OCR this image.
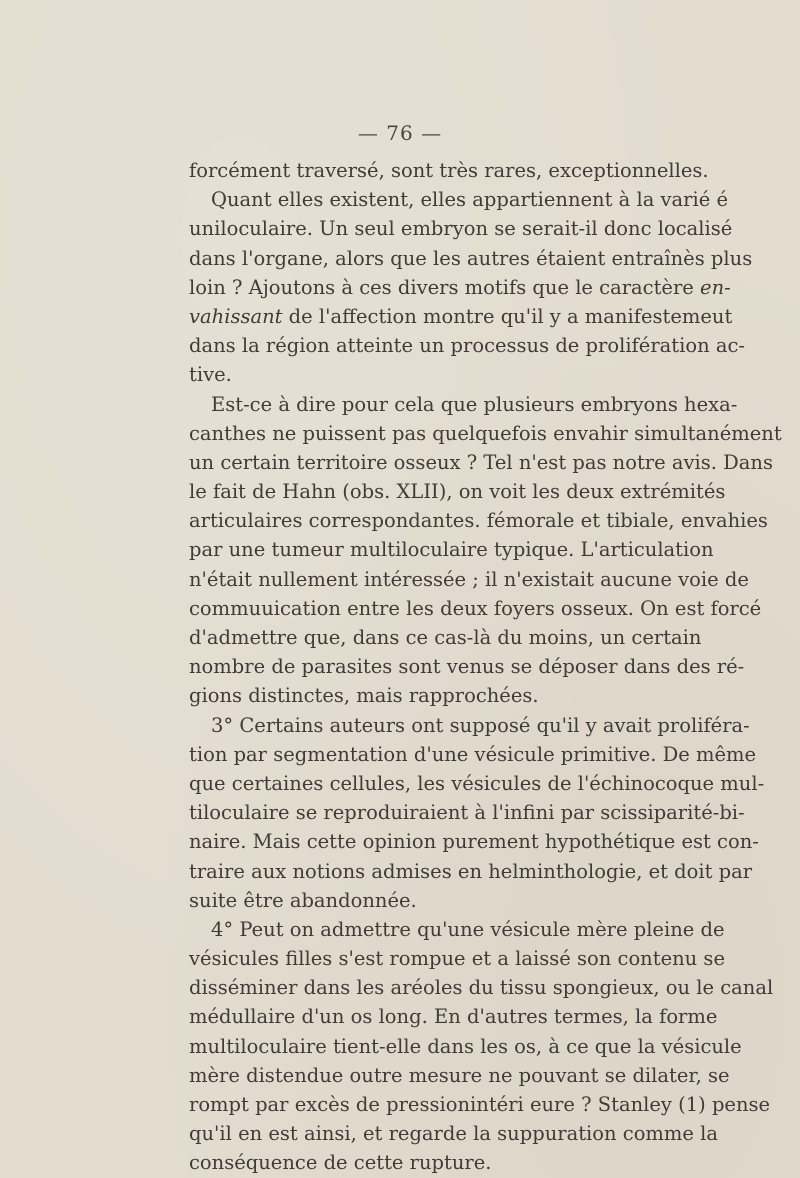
— 76 —
forcément traversé, sont très rares, exceptionnelles.
Quant elles existent, elles appartiennent à la varié é
uniloculaire. Un seul embryon se serait-il donc localisé
dans l'organe, alors que les autres étaient entraînès plus
loin ? Ajoutons à ces divers motifs que le caractère en-
vahissant de l'affection montre qu'il y a manifestemeut
dans la région atteinte un processus de prolifération ac-
tive.
Est-ce à dire pour cela que plusieurs embryons hexa-
canthes ne puissent pas quelquefois envahir simultanément
un certain territoire osseux ? Tel n'est pas notre avis. Dans
le fait de Hahn (obs. XLII), on voit les deux extrémités
articulaires correspondantes. fémorale et tibiale, envahies
par une tumeur multiloculaire typique. L'articulation
n'était nullement intéressée ; il n'existait aucune voie de
commuuication entre les deux foyers osseux. On est forcé
d'admettre que, dans ce cas-là du moins, un certain
nombre de parasites sont venus se déposer dans des ré-
gions distinctes, mais rapprochées.
3° Certains auteurs ont supposé qu'il y avait proliféra-
tion par segmentation d'une vésicule primitive. De même
que certaines cellules, les vésicules de l'échinocoque mul-
tiloculaire se reproduiraient à l'infini par scissiparité-bi-
naire. Mais cette opinion purement hypothétique est con-
traire aux notions admises en helminthologie, et doit par
suite être abandonnée.
4° Peut on admettre qu'une vésicule mère pleine de
vésicules filles s'est rompue et a laissé son contenu se
disséminer dans les aréoles du tissu spongieux, ou le canal
médullaire d'un os long. En d'autres termes, la forme
multiloculaire tient-elle dans les os, à ce que la vésicule
mère distendue outre mesure ne pouvant se dilater, se
rompt par excès de pressionintéri eure ? Stanley (1) pense
qu'il en est ainsi, et regarde la suppuration comme la
conséquence de cette rupture.
